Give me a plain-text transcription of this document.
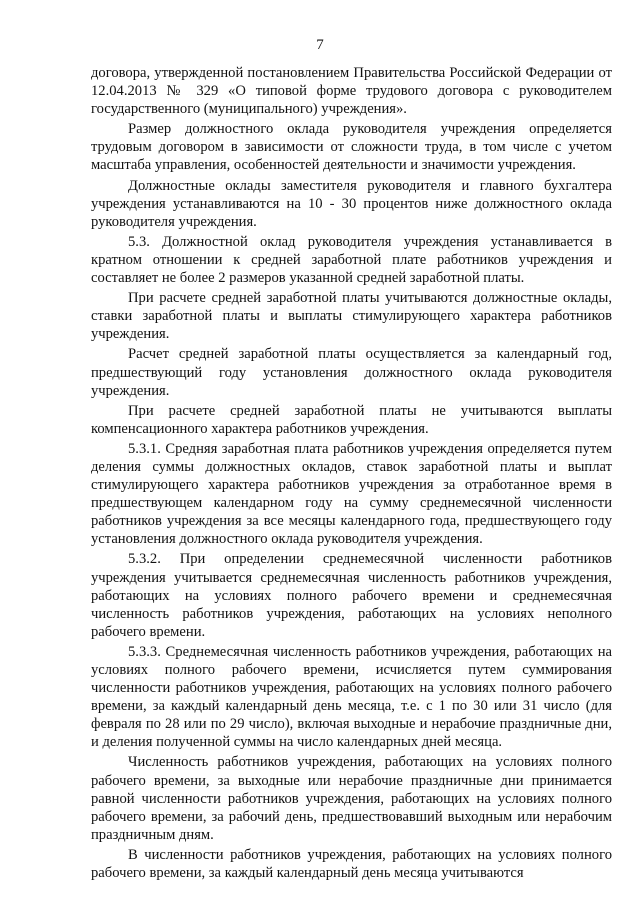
7

договора, утвержденной постановлением Правительства Российской Федерации от 12.04.2013 № 329 «О типовой форме трудового договора с руководителем государственного (муниципального) учреждения».

Размер должностного оклада руководителя учреждения определяется трудовым договором в зависимости от сложности труда, в том числе с учетом масштаба управления, особенностей деятельности и значимости учреждения.

Должностные оклады заместителя руководителя и главного бухгалтера учреждения устанавливаются на 10 - 30 процентов ниже должностного оклада руководителя учреждения.

5.3. Должностной оклад руководителя учреждения устанавливается в кратном отношении к средней заработной плате работников учреждения и составляет не более 2 размеров указанной средней заработной платы.

При расчете средней заработной платы учитываются должностные оклады, ставки заработной платы и выплаты стимулирующего характера работников учреждения.

Расчет средней заработной платы осуществляется за календарный год, предшествующий году установления должностного оклада руководителя учреждения.

При расчете средней заработной платы не учитываются выплаты компенсационного характера работников учреждения.

5.3.1. Средняя заработная плата работников учреждения определяется путем деления суммы должностных окладов, ставок заработной платы и выплат стимулирующего характера работников учреждения за отработанное время в предшествующем календарном году на сумму среднемесячной численности работников учреждения за все месяцы календарного года, предшествующего году установления должностного оклада руководителя учреждения.

5.3.2. При определении среднемесячной численности работников учреждения учитывается среднемесячная численность работников учреждения, работающих на условиях полного рабочего времени и среднемесячная численность работников учреждения, работающих на условиях неполного рабочего времени.

5.3.3. Среднемесячная численность работников учреждения, работающих на условиях полного рабочего времени, исчисляется путем суммирования численности работников учреждения, работающих на условиях полного рабочего времени, за каждый календарный день месяца, т.е. с 1 по 30 или 31 число (для февраля по 28 или по 29 число), включая выходные и нерабочие праздничные дни, и деления полученной суммы на число календарных дней месяца.

Численность работников учреждения, работающих на условиях полного рабочего времени, за выходные или нерабочие праздничные дни принимается равной численности работников учреждения, работающих на условиях полного рабочего времени, за рабочий день, предшествовавший выходным или нерабочим праздничным дням.

В численности работников учреждения, работающих на условиях полного рабочего времени, за каждый календарный день месяца учитываются
